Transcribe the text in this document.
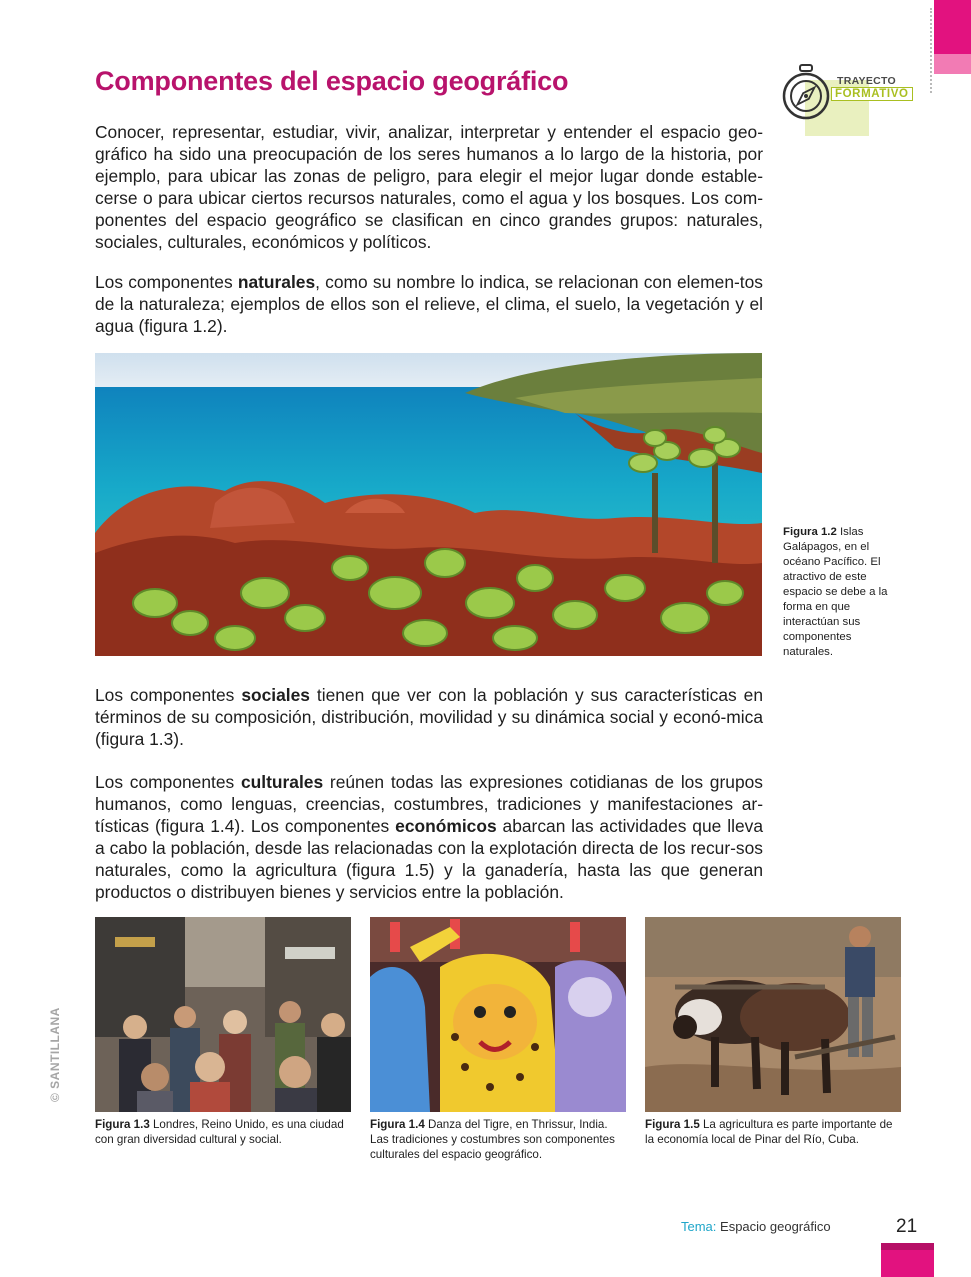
Componentes del espacio geográfico	TRAYECTO
FORMATIVO

Conocer, representar, estudiar, vivir, analizar, interpretar y entender el espacio geo-gráfico ha sido una preocupación de los seres humanos a lo largo de la historia, por ejemplo, para ubicar las zonas de peligro, para elegir el mejor lugar donde estable-cerse o para ubicar ciertos recursos naturales, como el agua y los bosques. Los com-ponentes del espacio geográfico se clasifican en cinco grandes grupos: naturales, sociales, culturales, económicos y políticos.

Los componentes naturales, como su nombre lo indica, se relacionan con elemen-tos de la naturaleza; ejemplos de ellos son el relieve, el clima, el suelo, la vegetación y el agua (figura 1.2).

Figura 1.2 Islas Galápagos, en el océano Pacífico. El atractivo de este espacio se debe a la forma en que interactúan sus componentes naturales.

Los componentes sociales tienen que ver con la población y sus características en términos de su composición, distribución, movilidad y su dinámica social y econó-mica (figura 1.3).

Los componentes culturales reúnen todas las expresiones cotidianas de los grupos humanos, como lenguas, creencias, costumbres, tradiciones y manifestaciones ar-tísticas (figura 1.4). Los componentes económicos abarcan las actividades que lleva a cabo la población, desde las relacionadas con la explotación directa de los recur-sos naturales, como la agricultura (figura 1.5) y la ganadería, hasta las que generan productos o distribuyen bienes y servicios entre la población.

Figura 1.3 Londres, Reino Unido, es una ciudad con gran diversidad cultural y social.

Figura 1.4 Danza del Tigre, en Thrissur, India. Las tradiciones y costumbres son componentes culturales del espacio geográfico.

Figura 1.5 La agricultura es parte importante de la economía local de Pinar del Río, Cuba.

© SANTILLANA
Tema: Espacio geográfico	21
